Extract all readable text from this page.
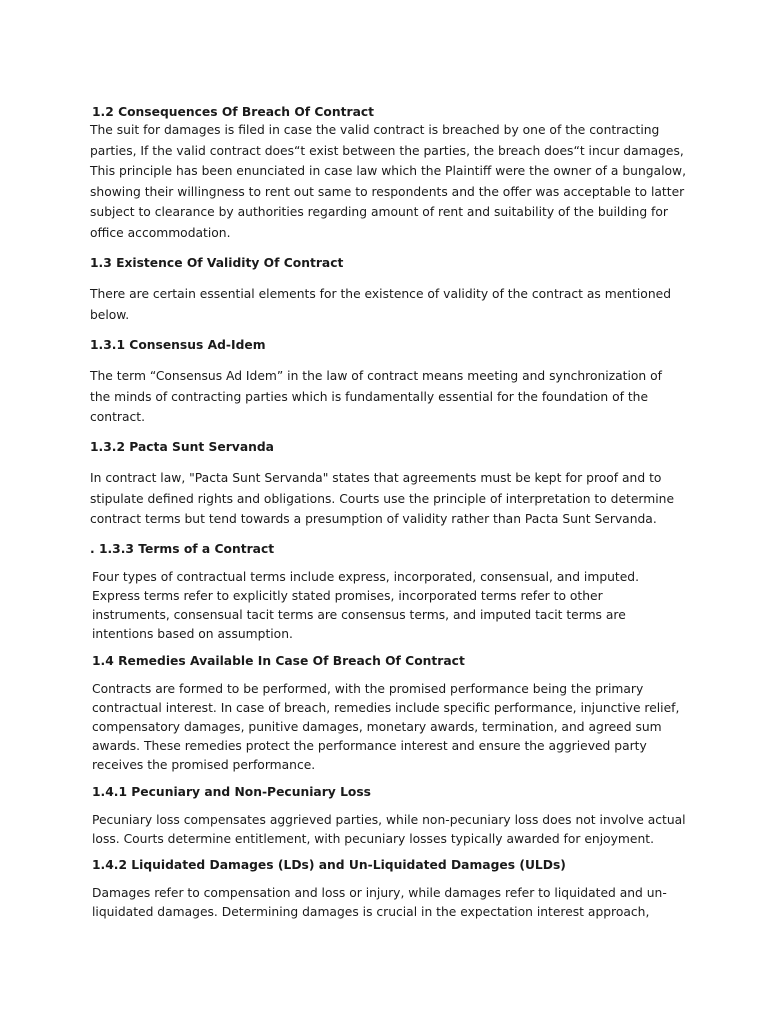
1.2 Consequences Of Breach Of Contract

The suit for damages is filed in case the valid contract is breached by one of the contracting parties, If the valid contract does“t exist between the parties, the breach does“t incur damages, This principle has been enunciated in case law which the Plaintiff were the owner of a bungalow, showing their willingness to rent out same to respondents and the offer was acceptable to latter subject to clearance by authorities regarding amount of rent and suitability of the building for office accommodation.

1.3 Existence Of Validity Of Contract

There are certain essential elements for the existence of validity of the contract as mentioned below.

1.3.1 Consensus Ad-Idem

The term “Consensus Ad Idem” in the law of contract means meeting and synchronization of the minds of contracting parties which is fundamentally essential for the foundation of the contract.

1.3.2 Pacta Sunt Servanda

In contract law, "Pacta Sunt Servanda" states that agreements must be kept for proof and to stipulate defined rights and obligations. Courts use the principle of interpretation to determine contract terms but tend towards a presumption of validity rather than Pacta Sunt Servanda.

. 1.3.3 Terms of a Contract

Four types of contractual terms include express, incorporated, consensual, and imputed. Express terms refer to explicitly stated promises, incorporated terms refer to other instruments, consensual tacit terms are consensus terms, and imputed tacit terms are intentions based on assumption.

1.4 Remedies Available In Case Of Breach Of Contract

Contracts are formed to be performed, with the promised performance being the primary contractual interest. In case of breach, remedies include specific performance, injunctive relief, compensatory damages, punitive damages, monetary awards, termination, and agreed sum awards. These remedies protect the performance interest and ensure the aggrieved party receives the promised performance.

1.4.1 Pecuniary and Non-Pecuniary Loss

Pecuniary loss compensates aggrieved parties, while non-pecuniary loss does not involve actual loss. Courts determine entitlement, with pecuniary losses typically awarded for enjoyment.

1.4.2 Liquidated Damages (LDs) and Un-Liquidated Damages (ULDs)

Damages refer to compensation and loss or injury, while damages refer to liquidated and un-liquidated damages. Determining damages is crucial in the expectation interest approach,
